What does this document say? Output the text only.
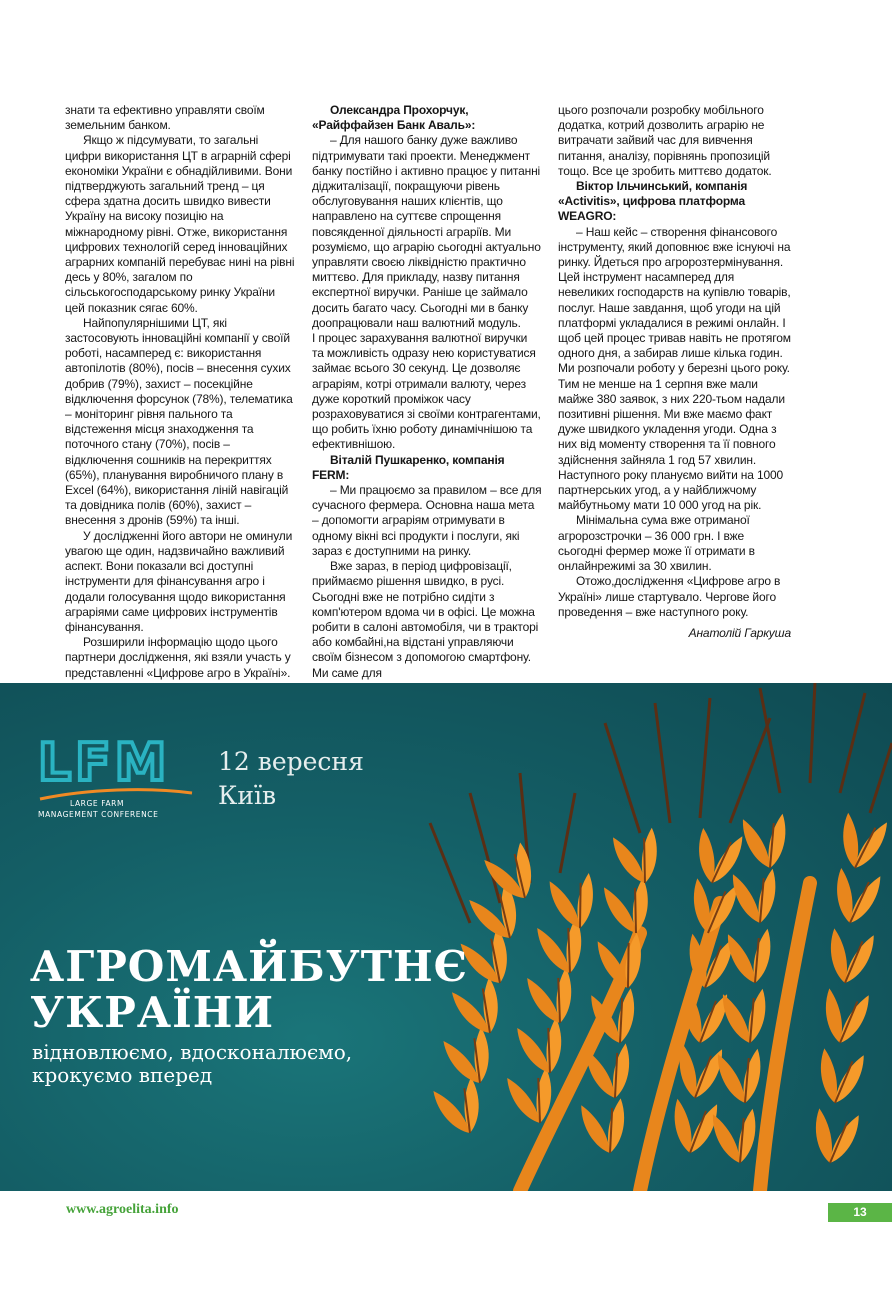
знати та ефективно управляти своїм земельним банком.

Якщо ж підсумувати, то загальні цифри використання ЦТ в аграрній сфері економіки України є обнадійливими. Вони підтверджують загальний тренд – ця сфера здатна досить швидко вивести Україну на високу позицію на міжнародному рівні. Отже, використання цифрових технологій серед інноваційних аграрних компаній перебуває нині на рівні десь у 80%, загалом по сільськогосподарському ринку України цей показник сягає 60%.

Найпопулярнішими ЦТ, які застосовують інноваційні компанії у своїй роботі, насамперед є: використання автопілотів (80%), посів – внесення сухих добрив (79%), захист – посекційне відключення форсунок (78%), телематика – моніторинг рівня пального та відстеження місця знаходження та поточного стану (70%), посів – відключення сошників на перекриттях (65%), планування виробничого плану в Excel (64%), використання ліній навігацій та довідника полів (60%), захист – внесення з дронів (59%) та інші.

У дослідженні його автори не оминули увагою ще один, надзвичайно важливий аспект. Вони показали всі доступні інструменти для фінансування агро і додали голосування щодо використання аграріями саме цифрових інструментів фінансування.

Розширили інформацію щодо цього партнери дослідження, які взяли участь у представленні «Цифрове агро в Україні».

Олександра Прохорчук, «Райффайзен Банк Аваль»:

– Для нашого банку дуже важливо підтримувати такі проекти. Менеджмент банку постійно і активно працює у питанні діджиталізації, покращуючи рівень обслуговування наших клієнтів, що направлено на суттєве спрощення повсякденної діяльності аграріїв. Ми розуміємо, що аграрію сьогодні актуально управляти своєю ліквідністю практично миттєво. Для прикладу, назву питання експертної виручки. Раніше це займало досить багато часу. Сьогодні ми в банку доопрацювали наш валютний модуль.

І процес зарахування валютної виручки та можливість одразу нею користуватися займає всього 30 секунд. Це дозволяє аграріям, котрі отримали валюту, через дуже короткий проміжок часу розраховуватися зі своїми контрагентами, що робить їхню роботу динамічнішою та ефективнішою.

Віталій Пушкаренко, компанія FERM:

– Ми працюємо за правилом – все для сучасного фермера. Основна наша мета – допомогти аграріям отримувати в одному вікні всі продукти і послуги, які зараз є доступними на ринку.

Вже зараз, в період цифровізації, приймаємо рішення швидко, в русі. Сьогодні вже не потрібно сидіти з комп'ютером вдома чи в офісі. Це можна робити в салоні автомобіля, чи в тракторі або комбайні,на відстані управляючи своїм бізнесом з допомогою смартфону. Ми саме для

цього розпочали розробку мобільного додатка, котрий дозволить аграрію не витрачати зайвий час для вивчення питання, аналізу, порівнянь пропозицій тощо. Все це зробить миттєво додаток.

Віктор Ільчинський, компанія «Activitis», цифрова платформа WEAGRO:

– Наш кейс – створення фінансового інструменту, який доповнює вже існуючі на ринку. Йдеться про агророзтермінування. Цей інструмент насамперед для невеликих господарств на купівлю товарів, послуг. Наше завдання, щоб угоди на цій платформі укладалися в режимі онлайн. І щоб цей процес тривав навіть не протягом одного дня, а забирав лише кілька годин. Ми розпочали роботу у березні цього року. Тим не менше на 1 серпня вже мали майже 380 заявок, з них 220-тьом надали позитивні рішення. Ми вже маємо факт дуже швидкого укладення угоди. Одна з них від моменту створення та її повного здійснення зайняла 1 год 57 хвилин. Наступного року плануємо вийти на 1000 партнерських угод, а у найближчому майбутньому мати 10 000 угод на рік.

Мінімальна сума вже отриманої агророзстрочки – 36 000 грн. І вже сьогодні фермер може її отримати в онлайнрежимі за 30 хвилин.

Отожо,дослідження «Цифрове агро в Україні» лише стартувало. Чергове його проведення – вже наступного року.

Анатолій Гаркуша

LFM
LARGE FARM
MANAGEMENT CONFERENCE
12 вересня
Київ
АГРОМАЙБУТНЄ
УКРАЇНИ
відновлюємо, вдосконалюємо,
крокуємо вперед
www.agroelita.info	13
